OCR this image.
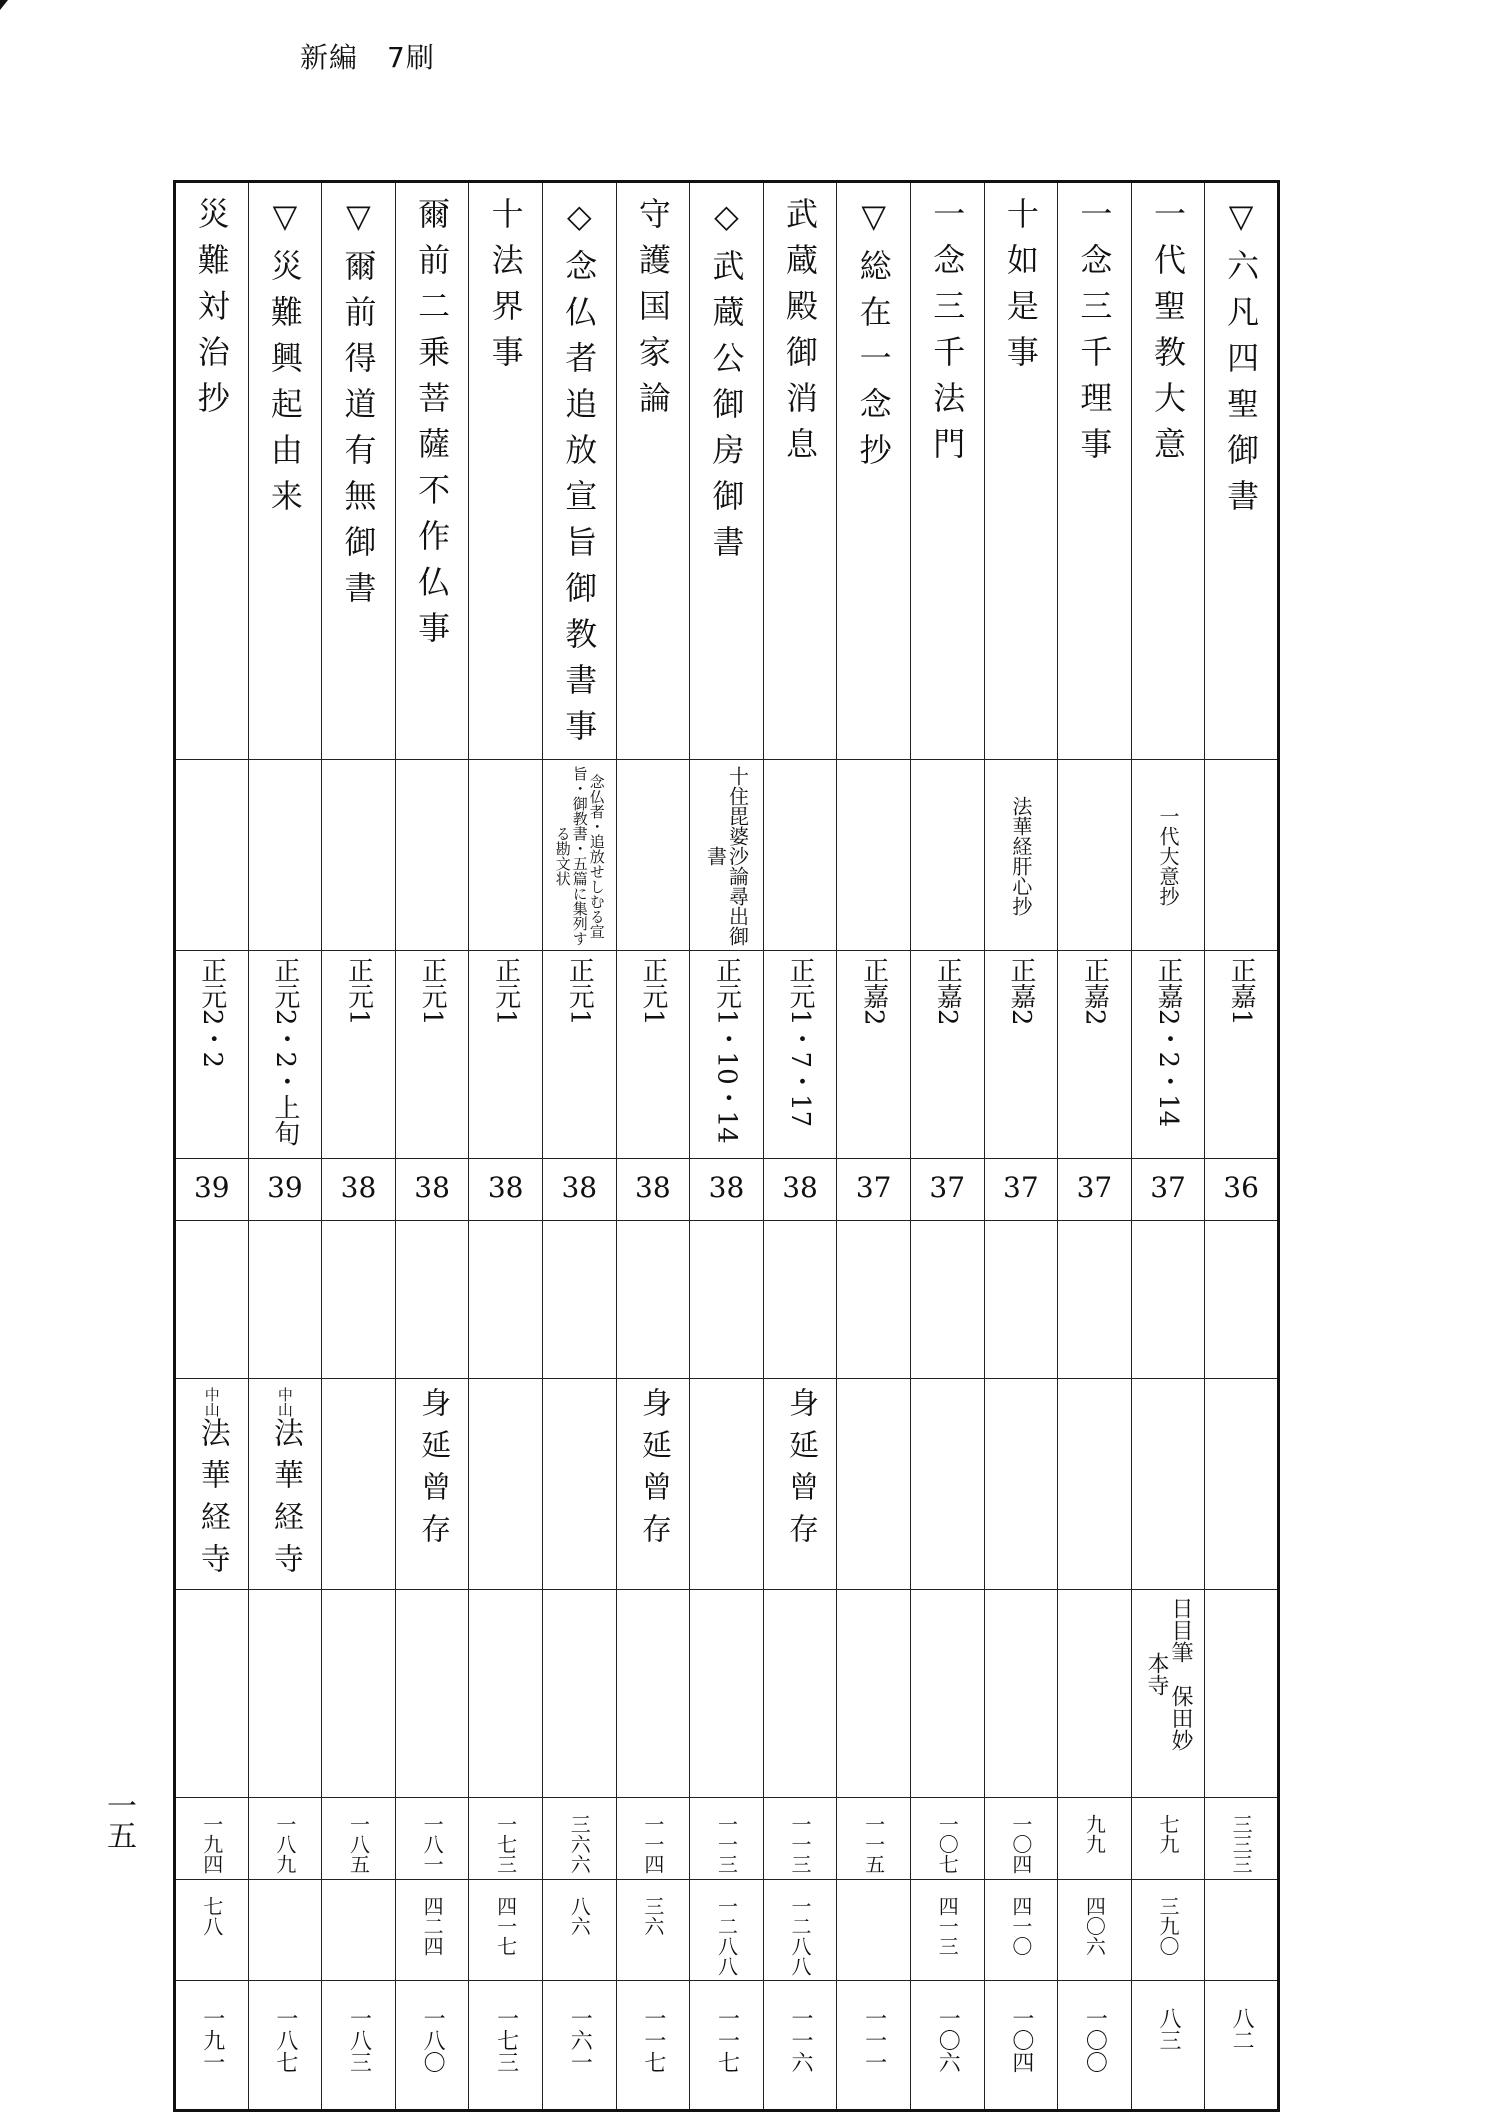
新編　7刷
災難対治抄	▽災難興起由来	▽爾前得道有無御書	爾前二乗菩薩不作仏事	十法界事	◇念仏者追放宣旨御教書事	守護国家論	◇武蔵公御房御書	武蔵殿御消息	▽総在一念抄	一念三千法門	十如是事	一念三千理事	一代聖教大意	▽六凡四聖御書
					念仏者・追放せしむる宣旨・御教書・五篇に集列する勘文状		十住毘婆沙論尋出御書				法華経肝心抄		一代大意抄	
正元2・2	正元2・2・上旬	正元1	正元1	正元1	正元1	正元1	正元1・10・14	正元1・7・17	正嘉2	正嘉2	正嘉2	正嘉2	正嘉2・2・14	正嘉1

39	39	38	38	38	38	38	38	38	37	37	37	37	37	36

中山法華経寺	中山法華経寺		身延曾存			身延曾存		身延曾存						
													日目筆　保田妙本寺	
一九四	一八九	一八五	一八一	一七三	三六六	一一四	一一三	一一三	一一五	一〇七	一〇四	九九	七九	三三三
七八			四二四	四一七	八六	三六	一二八八	一二八八		四一三	四一〇	四〇六	三九〇	
一九一	一八七	一八三	一八〇	一七三	一六一	一一七	一一七	一一六	一一一	一〇六	一〇四	一〇〇	八三	八二
一五
